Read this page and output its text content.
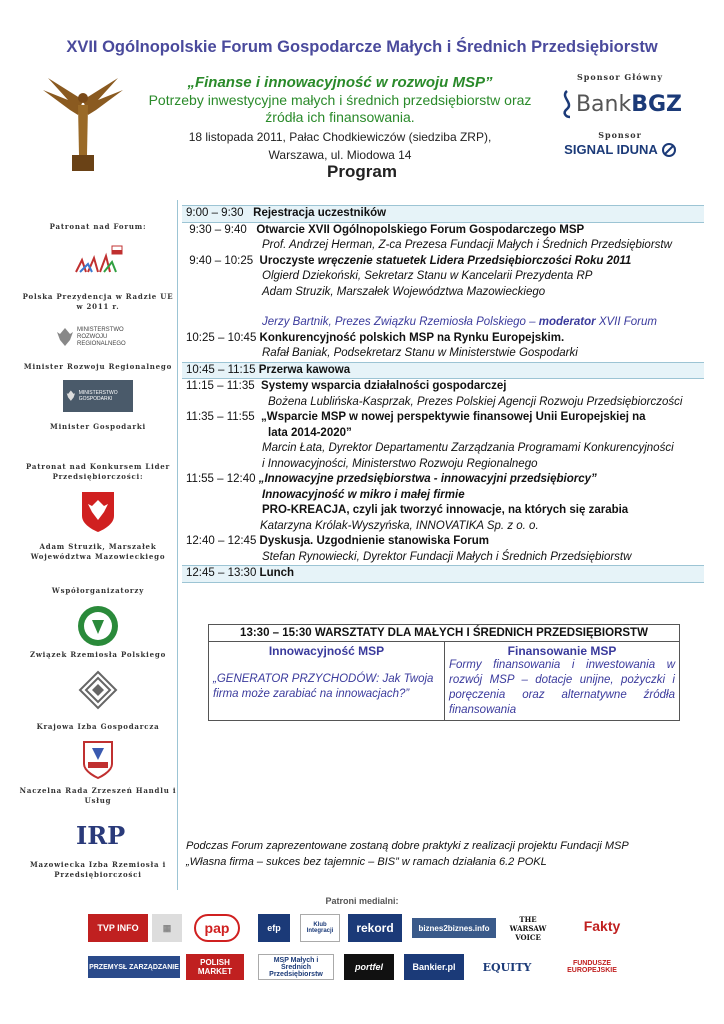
XVII Ogólnopolskie Forum Gospodarcze Małych i Średnich Przedsiębiorstw
„Finanse i innowacyjność w rozwoju MSP”
Potrzeby inwestycyjne małych i średnich przedsiębiorstw oraz źródła ich finansowania.
18 listopada 2011, Pałac Chodkiewiczów (siedziba ZRP),
Warszawa, ul. Miodowa 14
Program
Sponsor Główny
BankBGZ
Sponsor
SIGNAL IDUNA
Patronat nad Forum:
Polska Prezydencja w Radzie UE w 2011 r.
MINISTERSTWO ROZWOJU REGIONALNEGO
Minister Rozwoju Regionalnego
MINISTERSTWO GOSPODARKI
Minister Gospodarki
Patronat nad Konkursem Lider Przedsiębiorczości:
Adam Struzik, Marszałek Województwa Mazowieckiego
Współorganizatorzy
Związek Rzemiosła Polskiego
Krajowa Izba Gospodarcza
Naczelna Rada Zrzeszeń Handlu i Usług
IRP
Mazowiecka Izba Rzemiosła i Przedsiębiorczości
9:00 – 9:30 Rejestracja uczestników
9:30 – 9:40 Otwarcie XVII Ogólnopolskiego Forum Gospodarczego MSP
Prof. Andrzej Herman, Z-ca Prezesa Fundacji Małych i Średnich Przedsiębiorstw
9:40 – 10:25 Uroczyste wręczenie statuetek Lidera Przedsiębiorczości Roku 2011
Olgierd Dziekoński, Sekretarz Stanu w Kancelarii Prezydenta RP
Adam Struzik, Marszałek Województwa Mazowieckiego
Jerzy Bartnik, Prezes Związku Rzemiosła Polskiego – moderator XVII Forum
10:25 – 10:45 Konkurencyjność polskich MSP na Rynku Europejskim.
Rafał Baniak, Podsekretarz Stanu w Ministerstwie Gospodarki
10:45 – 11:15 Przerwa kawowa
11:15 – 11:35 Systemy wsparcia działalności gospodarczej
Bożena Lublińska-Kasprzak, Prezes Polskiej Agencji Rozwoju Przedsiębiorczości
11:35 – 11:55 „Wsparcie MSP w nowej perspektywie finansowej Unii Europejskiej na
lata 2014-2020”
Marcin Łata, Dyrektor Departamentu Zarządzania Programami Konkurencyjności
i Innowacyjności, Ministerstwo Rozwoju Regionalnego
11:55 – 12:40 „Innowacyjne przedsiębiorstwa - innowacyjni przedsiębiorcy”
Innowacyjność w mikro i małej firmie
PRO-KREACJA, czyli jak tworzyć innowacje, na których się zarabia
Katarzyna Królak-Wyszyńska, INNOVATIKA Sp. z o. o.
12:40 – 12:45 Dyskusja. Uzgodnienie stanowiska Forum
Stefan Rynowiecki, Dyrektor Fundacji Małych i Średnich Przedsiębiorstw
12:45 – 13:30 Lunch
13:30 – 15:30 WARSZTATY DLA MAŁYCH I ŚREDNICH PRZEDSIĘBIORSTW
Innowacyjność MSP
„GENERATOR PRZYCHODÓW: Jak Twoja firma może zarabiać na innowacjach?”
Finansowanie MSP
Formy finansowania i inwestowania w rozwój MSP – dotacje unijne, pożyczki i poręczenia oraz alternatywne źródła finansowania
Podczas Forum zaprezentowane zostaną dobre praktyki z realizacji projektu Fundacji MSP
„Własna firma – sukces bez tajemnic – BIS” w ramach działania 6.2 POKL
Patroni medialni:
TVP INFO	▦	pap	efp	Klub Integracji	rekord	biznes2biznes.info
THE WARSAW VOICE
Fakty
PRZEMYSŁ ZARZĄDZANIE	POLISH MARKET
MSP Małych i Średnich Przedsiębiorstw
portfel	Bankier.pl	EQUITY	FUNDUSZE EUROPEJSKIE
